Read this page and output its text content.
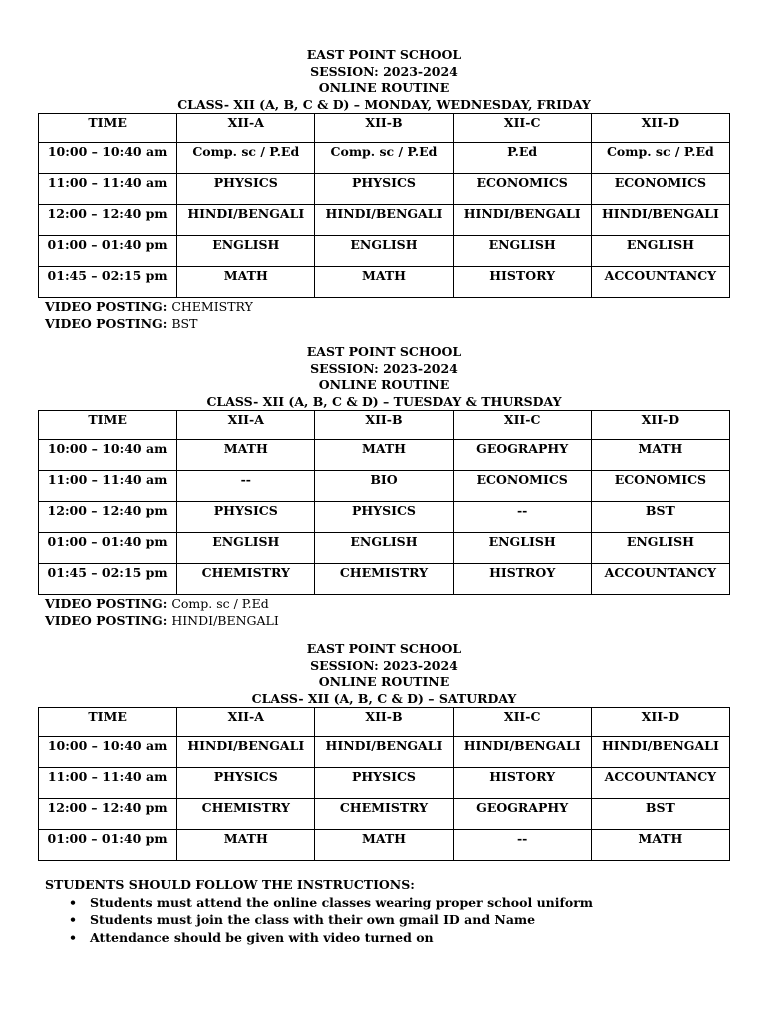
EAST POINT SCHOOL
SESSION: 2023-2024
ONLINE ROUTINE
CLASS- XII (A, B, C & D) – MONDAY, WEDNESDAY, FRIDAY
TIME	XII-A	XII-B	XII-C	XII-D
10:00 – 10:40 am	Comp. sc / P.Ed	Comp. sc / P.Ed	P.Ed	Comp. sc / P.Ed
11:00 – 11:40 am	PHYSICS	PHYSICS	ECONOMICS	ECONOMICS
12:00 – 12:40 pm	HINDI/BENGALI	HINDI/BENGALI	HINDI/BENGALI	HINDI/BENGALI
01:00 – 01:40 pm	ENGLISH	ENGLISH	ENGLISH	ENGLISH
01:45 – 02:15 pm	MATH	MATH	HISTORY	ACCOUNTANCY
VIDEO POSTING: CHEMISTRY
VIDEO POSTING: BST
EAST POINT SCHOOL
SESSION: 2023-2024
ONLINE ROUTINE
CLASS- XII (A, B, C & D) – TUESDAY & THURSDAY
TIME	XII-A	XII-B	XII-C	XII-D
10:00 – 10:40 am	MATH	MATH	GEOGRAPHY	MATH
11:00 – 11:40 am	--	BIO	ECONOMICS	ECONOMICS
12:00 – 12:40 pm	PHYSICS	PHYSICS	--	BST
01:00 – 01:40 pm	ENGLISH	ENGLISH	ENGLISH	ENGLISH
01:45 – 02:15 pm	CHEMISTRY	CHEMISTRY	HISTROY	ACCOUNTANCY
VIDEO POSTING: Comp. sc / P.Ed
VIDEO POSTING: HINDI/BENGALI
EAST POINT SCHOOL
SESSION: 2023-2024
ONLINE ROUTINE
CLASS- XII (A, B, C & D) – SATURDAY
TIME	XII-A	XII-B	XII-C	XII-D
10:00 – 10:40 am	HINDI/BENGALI	HINDI/BENGALI	HINDI/BENGALI	HINDI/BENGALI
11:00 – 11:40 am	PHYSICS	PHYSICS	HISTORY	ACCOUNTANCY
12:00 – 12:40 pm	CHEMISTRY	CHEMISTRY	GEOGRAPHY	BST
01:00 – 01:40 pm	MATH	MATH	--	MATH
STUDENTS SHOULD FOLLOW THE INSTRUCTIONS:
• Students must attend the online classes wearing proper school uniform
• Students must join the class with their own gmail ID and Name
• Attendance should be given with video turned on
